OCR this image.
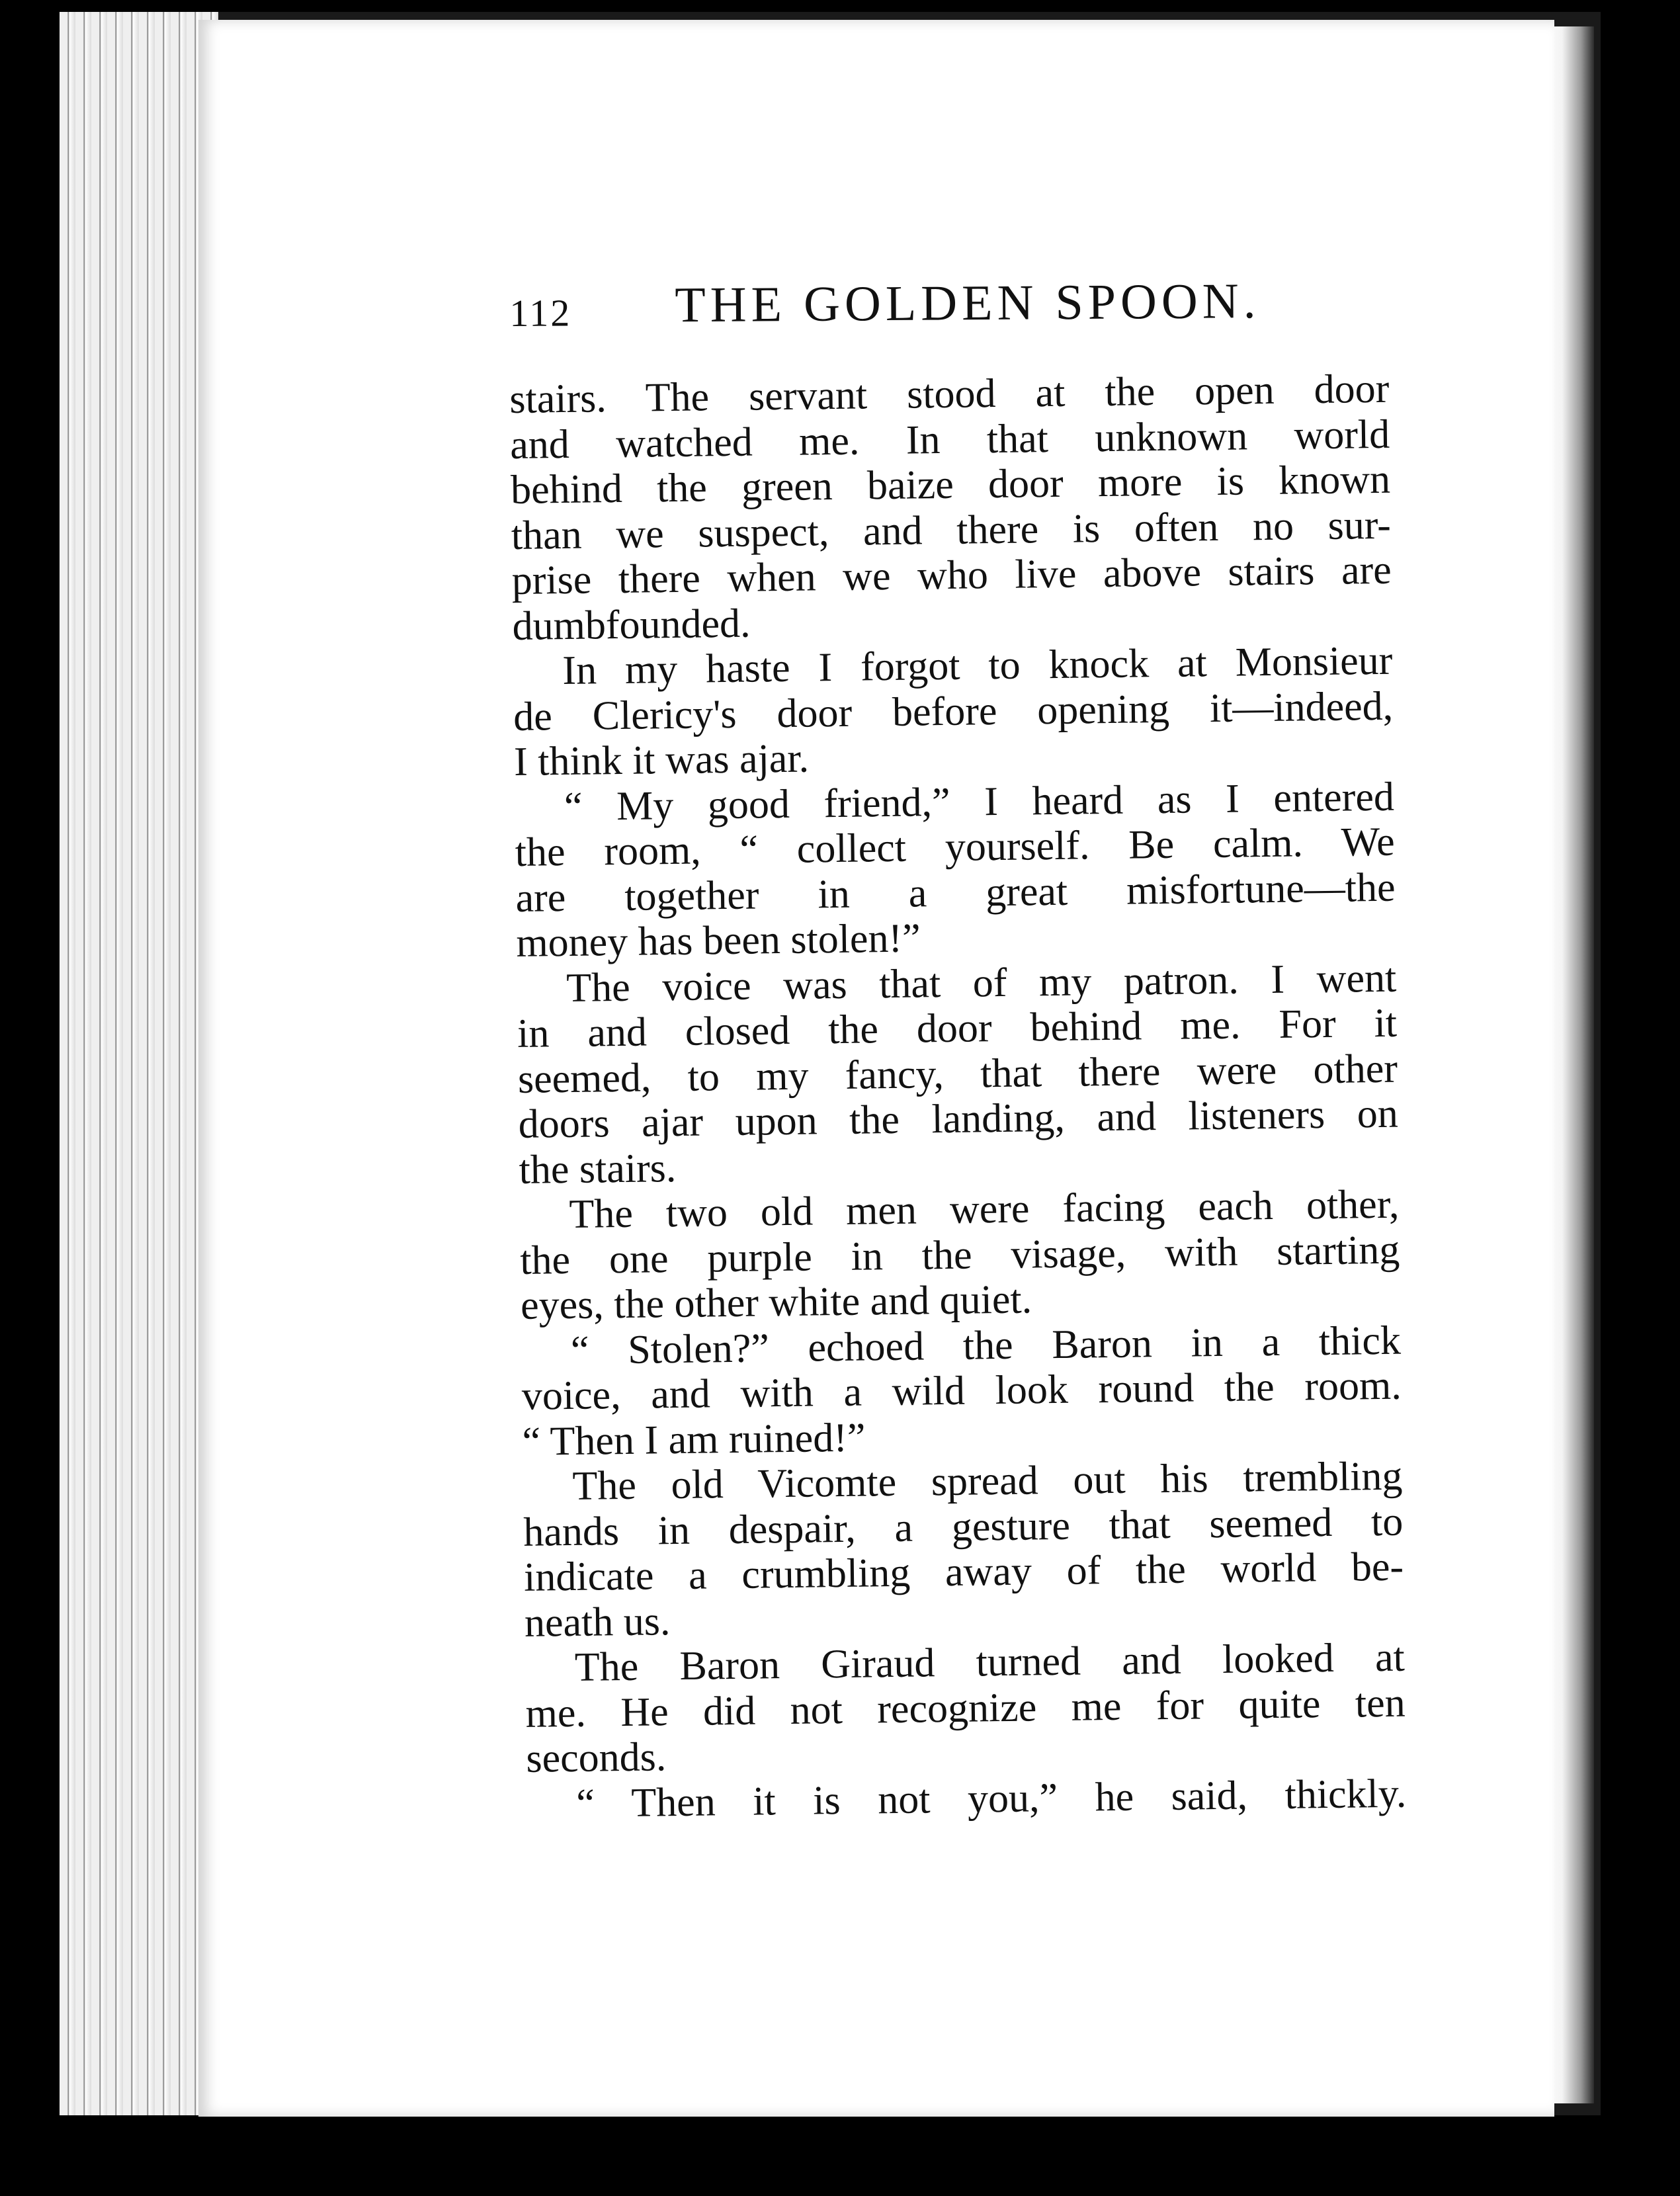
112 THE GOLDEN SPOON.
stairs. The servant stood at the open door
and watched me. In that unknown world
behind the green baize door more is known
than we suspect, and there is often no sur-
prise there when we who live above stairs are
dumbfounded.
In my haste I forgot to knock at Monsieur
de Clericy's door before opening it—indeed,
I think it was ajar.
“ My good friend,” I heard as I entered
the room, “ collect yourself. Be calm. We
are together in a great misfortune—the
money has been stolen!”
The voice was that of my patron. I went
in and closed the door behind me. For it
seemed, to my fancy, that there were other
doors ajar upon the landing, and listeners on
the stairs.
The two old men were facing each other,
the one purple in the visage, with starting
eyes, the other white and quiet.
“ Stolen?” echoed the Baron in a thick
voice, and with a wild look round the room.
“ Then I am ruined!”
The old Vicomte spread out his trembling
hands in despair, a gesture that seemed to
indicate a crumbling away of the world be-
neath us.
The Baron Giraud turned and looked at
me. He did not recognize me for quite ten
seconds.
“ Then it is not you,” he said, thickly.
